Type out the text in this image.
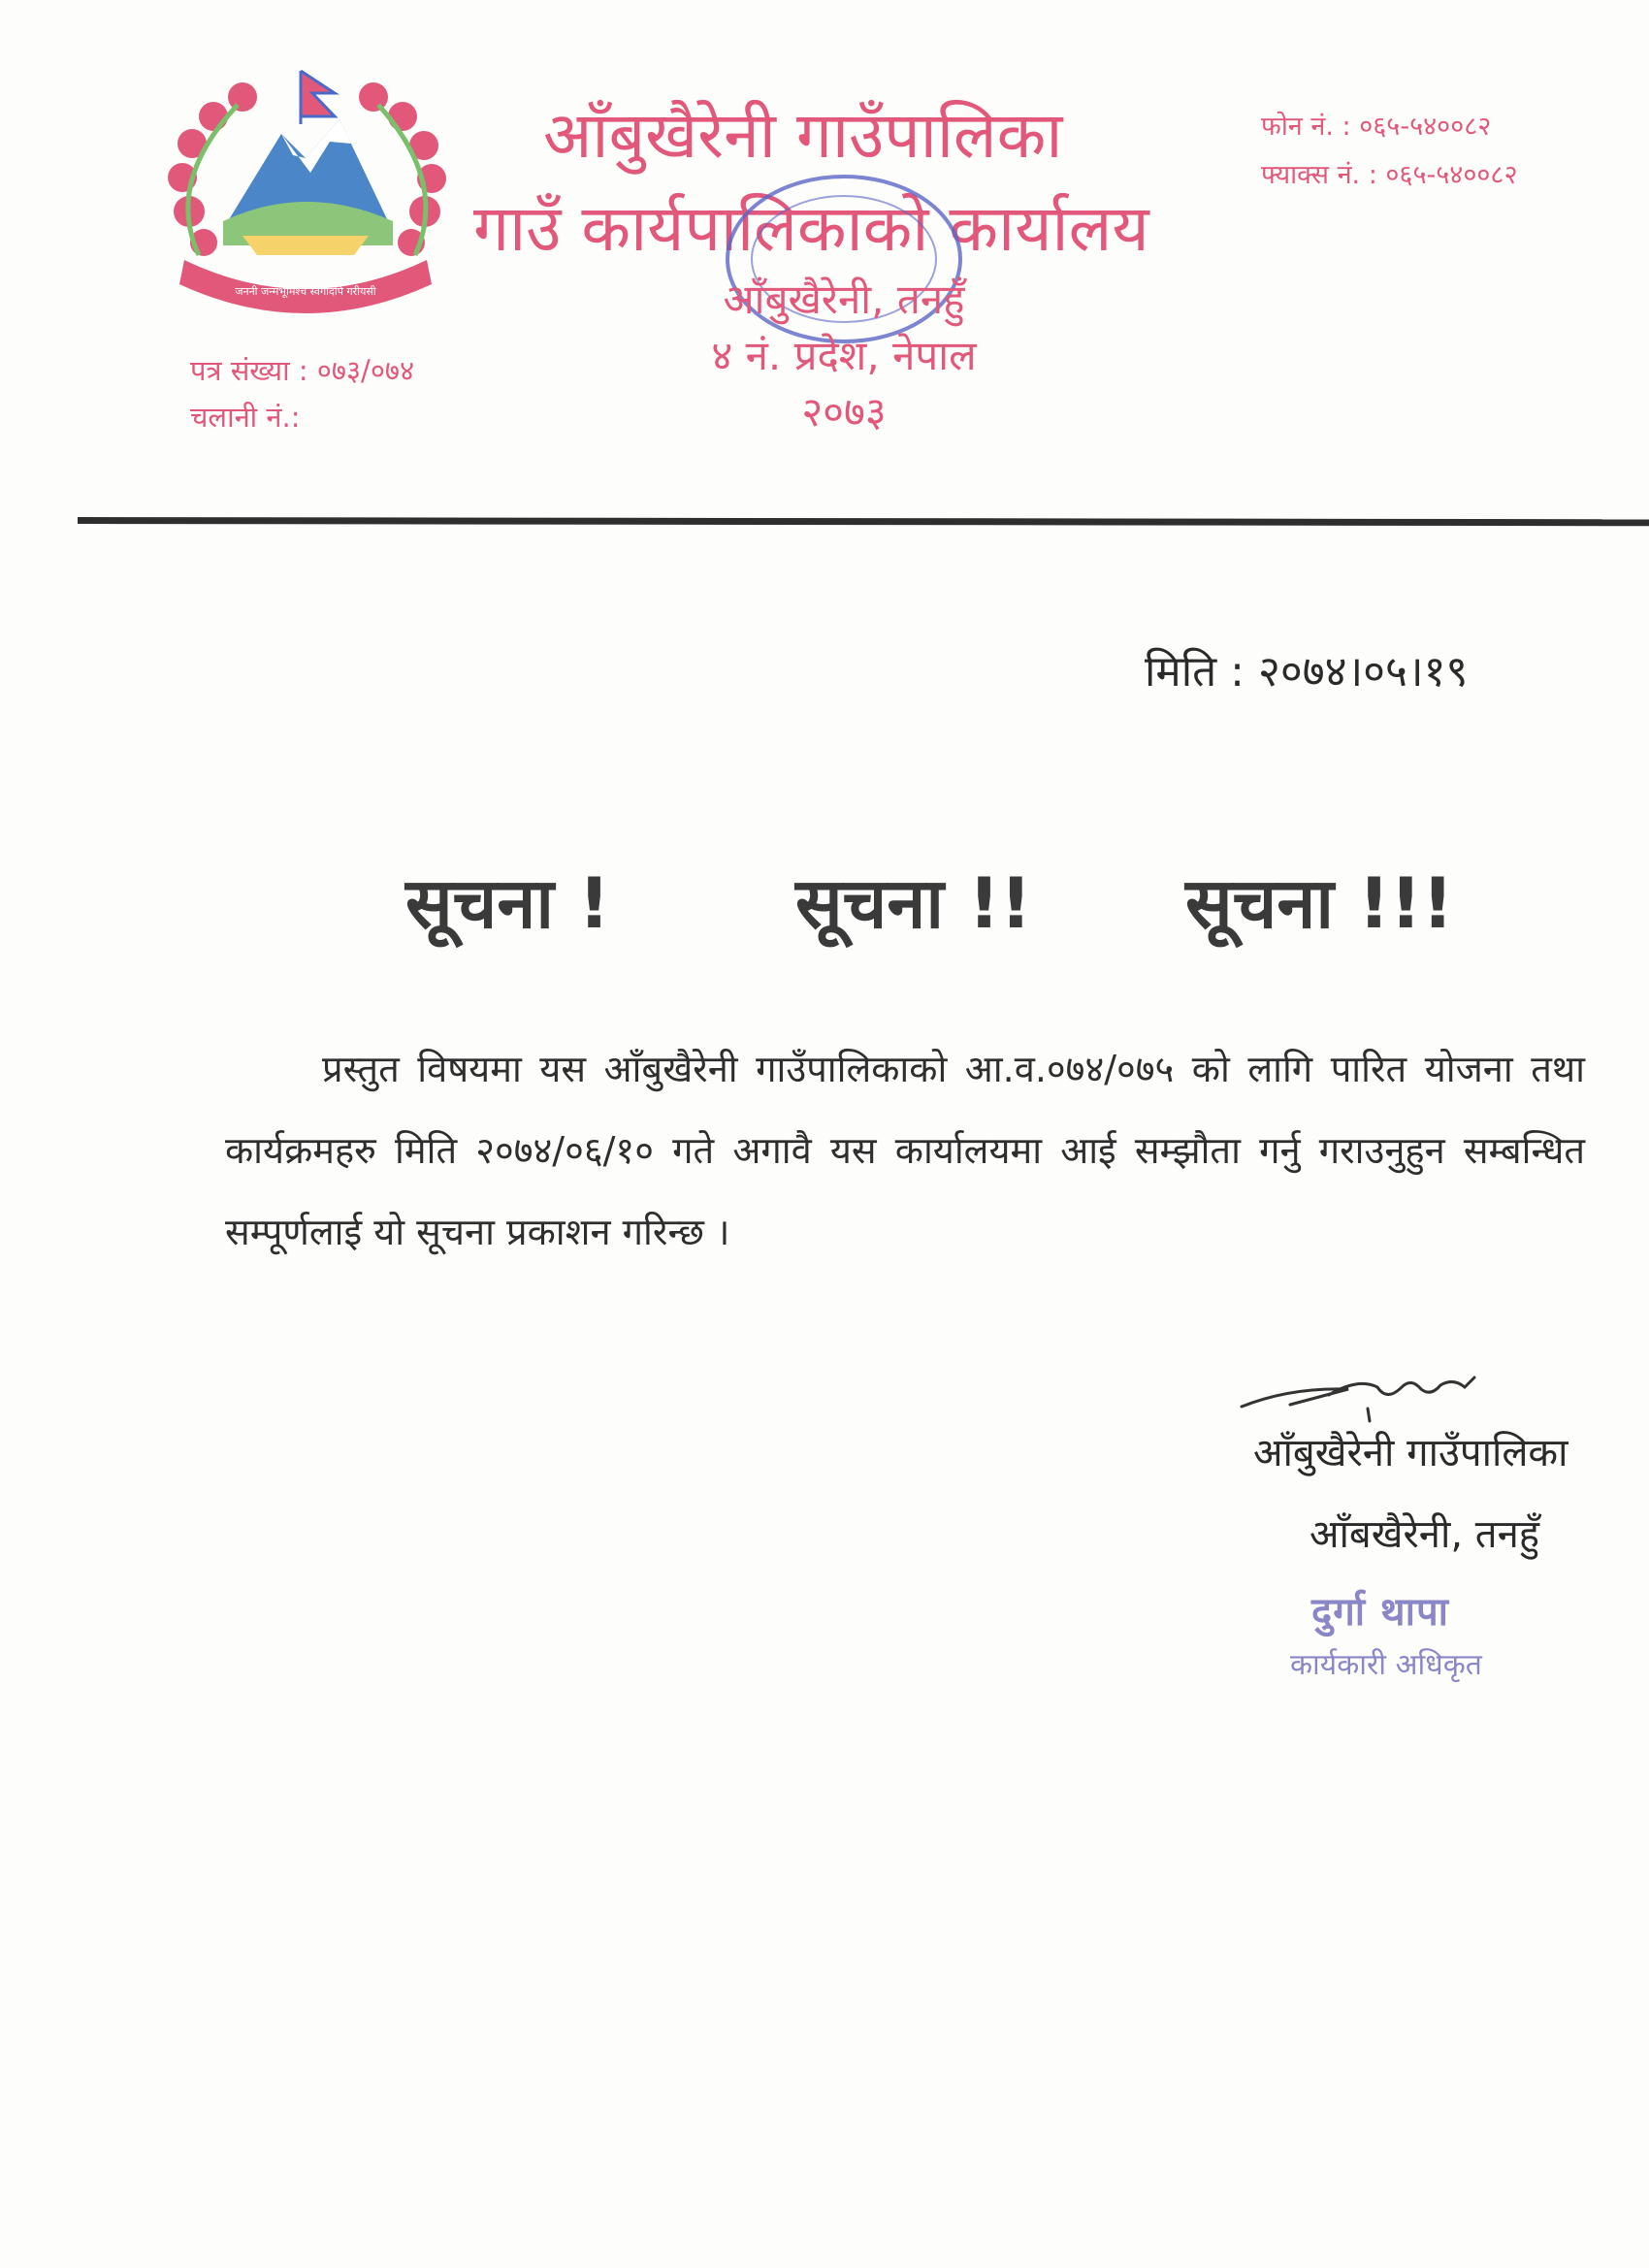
जननी जन्मभूमिश्च स्वर्गादपि गरीयसी
आँबुखैरेनी गाउँपालिका
गाउँ कार्यपालिकाको कार्यालय
फोन नं. : ०६५-५४००८२
फ्याक्स नं. : ०६५-५४००८२
पत्र संख्या : ०७३/०७४
चलानी नं.:
आँबुखैरेनी, तनहुँ
४ नं. प्रदेश, नेपाल
२०७३
मिति : २०७४।०५।१९
सूचना !	सूचना !! सूचना !!!
प्रस्तुत विषयमा यस आँबुखैरेनी गाउँपालिकाको आ.व.०७४/०७५ को लागि पारित योजना तथा कार्यक्रमहरु मिति २०७४/०६/१० गते अगावै यस कार्यालयमा आई सम्झौता गर्नु गराउनुहुन सम्बन्धित सम्पूर्णलाई यो सूचना प्रकाशन गरिन्छ ।
आँबुखैरेनी गाउँपालिका
आँबखैरेनी, तनहुँ
दुर्गा थापा
कार्यकारी अधिकृत
